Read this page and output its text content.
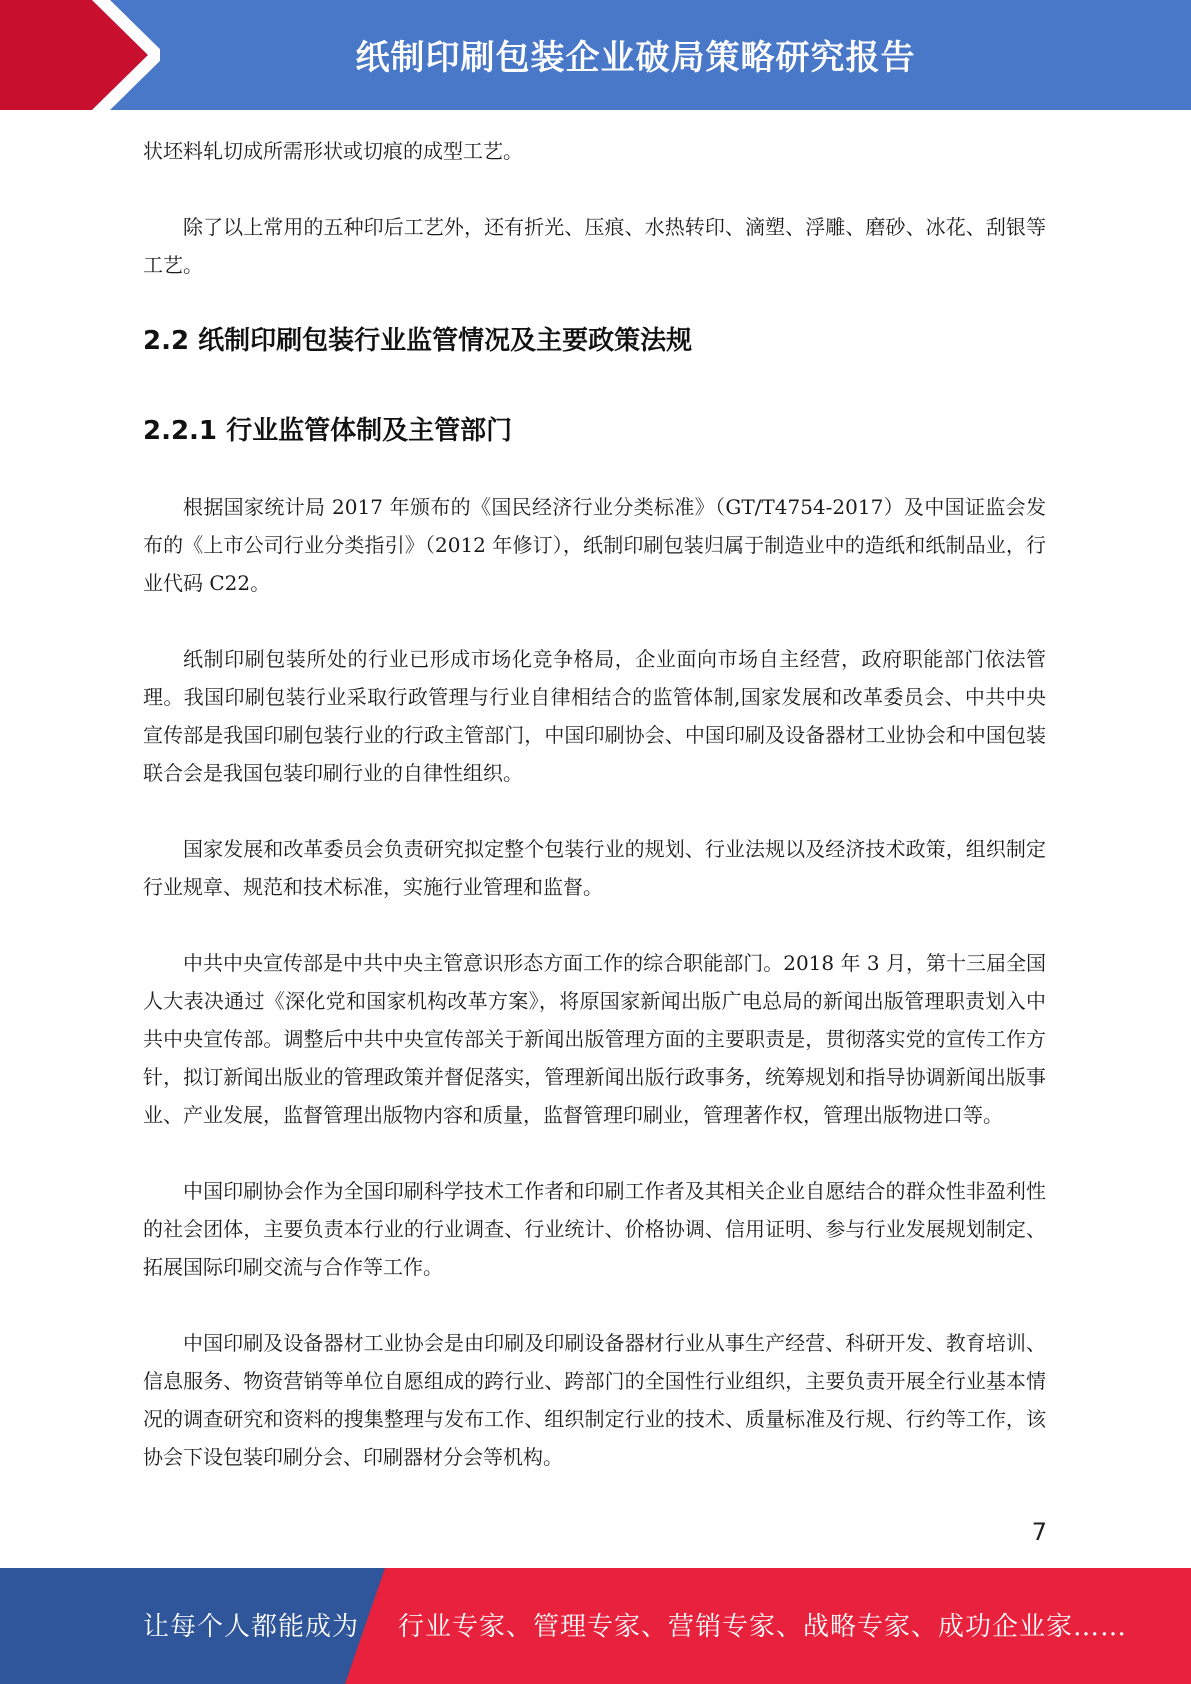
纸制印刷包装企业破局策略研究报告

状坯料轧切成所需形状或切痕的成型工艺。

除了以上常用的五种印后工艺外，还有折光、压痕、水热转印、滴塑、浮雕、磨砂、冰花、刮银等工艺。

2.2 纸制印刷包装行业监管情况及主要政策法规
2.2.1 行业监管体制及主管部门

根据国家统计局 2017 年颁布的《国民经济行业分类标准》（GT/T4754-2017）及中国证监会发布的《上市公司行业分类指引》（2012 年修订），纸制印刷包装归属于制造业中的造纸和纸制品业，行业代码 C22。

纸制印刷包装所处的行业已形成市场化竞争格局，企业面向市场自主经营，政府职能部门依法管理。我国印刷包装行业采取行政管理与行业自律相结合的监管体制,国家发展和改革委员会、中共中央宣传部是我国印刷包装行业的行政主管部门，中国印刷协会、中国印刷及设备器材工业协会和中国包装联合会是我国包装印刷行业的自律性组织。

国家发展和改革委员会负责研究拟定整个包装行业的规划、行业法规以及经济技术政策，组织制定行业规章、规范和技术标准，实施行业管理和监督。

中共中央宣传部是中共中央主管意识形态方面工作的综合职能部门。2018 年 3 月，第十三届全国人大表决通过《深化党和国家机构改革方案》，将原国家新闻出版广电总局的新闻出版管理职责划入中共中央宣传部。调整后中共中央宣传部关于新闻出版管理方面的主要职责是，贯彻落实党的宣传工作方针，拟订新闻出版业的管理政策并督促落实，管理新闻出版行政事务，统筹规划和指导协调新闻出版事业、产业发展，监督管理出版物内容和质量，监督管理印刷业，管理著作权，管理出版物进口等。

中国印刷协会作为全国印刷科学技术工作者和印刷工作者及其相关企业自愿结合的群众性非盈利性的社会团体，主要负责本行业的行业调查、行业统计、价格协调、信用证明、参与行业发展规划制定、拓展国际印刷交流与合作等工作。

中国印刷及设备器材工业协会是由印刷及印刷设备器材行业从事生产经营、科研开发、教育培训、信息服务、物资营销等单位自愿组成的跨行业、跨部门的全国性行业组织，主要负责开展全行业基本情况的调查研究和资料的搜集整理与发布工作、组织制定行业的技术、质量标准及行规、行约等工作，该协会下设包装印刷分会、印刷器材分会等机构。

7
让每个人都能成为 行业专家、管理专家、营销专家、战略专家、成功企业家……
